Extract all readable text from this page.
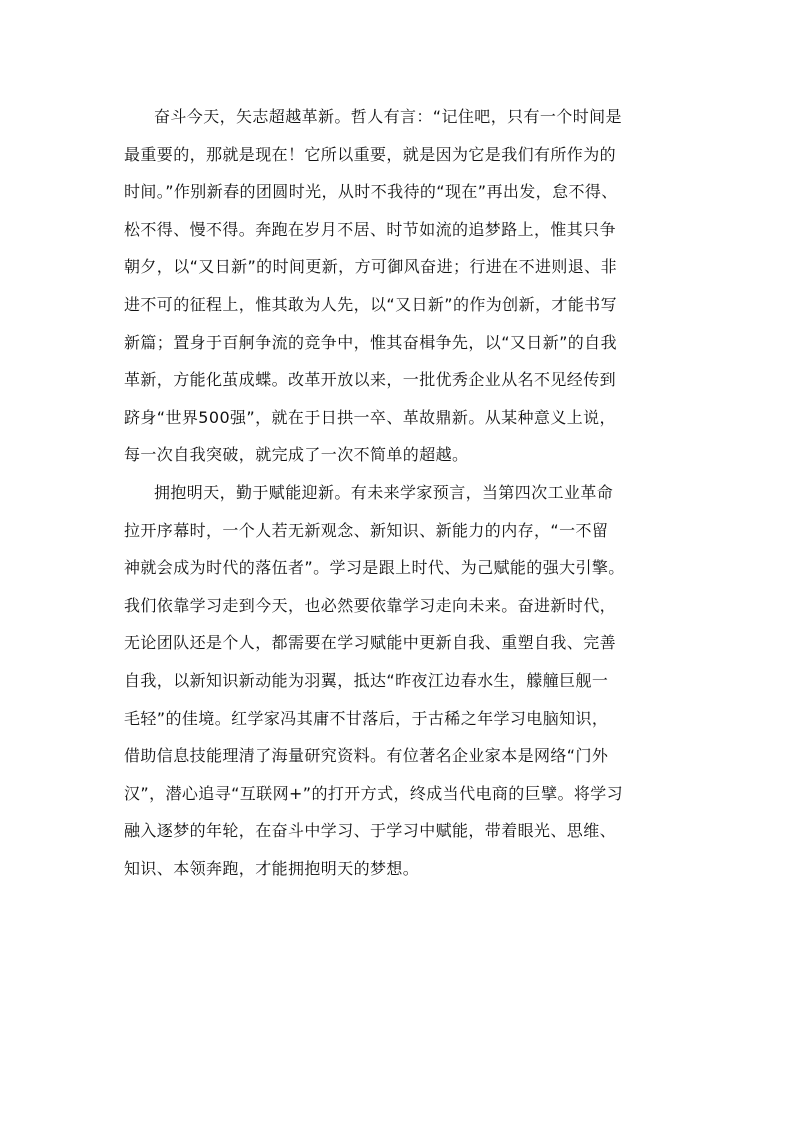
奋斗今天，矢志超越革新。哲人有言：“记住吧，只有一个时间是
最重要的，那就是现在！它所以重要，就是因为它是我们有所作为的
时间。”作别新春的团圆时光，从时不我待的“现在”再出发，怠不得、
松不得、慢不得。奔跑在岁月不居、时节如流的追梦路上，惟其只争
朝夕，以“又日新”的时间更新，方可御风奋进；行进在不进则退、非
进不可的征程上，惟其敢为人先，以“又日新”的作为创新，才能书写
新篇；置身于百舸争流的竞争中，惟其奋楫争先，以“又日新”的自我
革新，方能化茧成蝶。改革开放以来，一批优秀企业从名不见经传到
跻身“世界500强”，就在于日拱一卒、革故鼎新。从某种意义上说，
每一次自我突破，就完成了一次不简单的超越。
拥抱明天，勤于赋能迎新。有未来学家预言，当第四次工业革命
拉开序幕时，一个人若无新观念、新知识、新能力的内存，“一不留
神就会成为时代的落伍者”。学习是跟上时代、为己赋能的强大引擎。
我们依靠学习走到今天，也必然要依靠学习走向未来。奋进新时代，
无论团队还是个人，都需要在学习赋能中更新自我、重塑自我、完善
自我，以新知识新动能为羽翼，抵达“昨夜江边春水生，艨艟巨舰一
毛轻”的佳境。红学家冯其庸不甘落后，于古稀之年学习电脑知识，
借助信息技能理清了海量研究资料。有位著名企业家本是网络“门外
汉”，潜心追寻“互联网+”的打开方式，终成当代电商的巨擘。将学习
融入逐梦的年轮，在奋斗中学习、于学习中赋能，带着眼光、思维、
知识、本领奔跑，才能拥抱明天的梦想。
